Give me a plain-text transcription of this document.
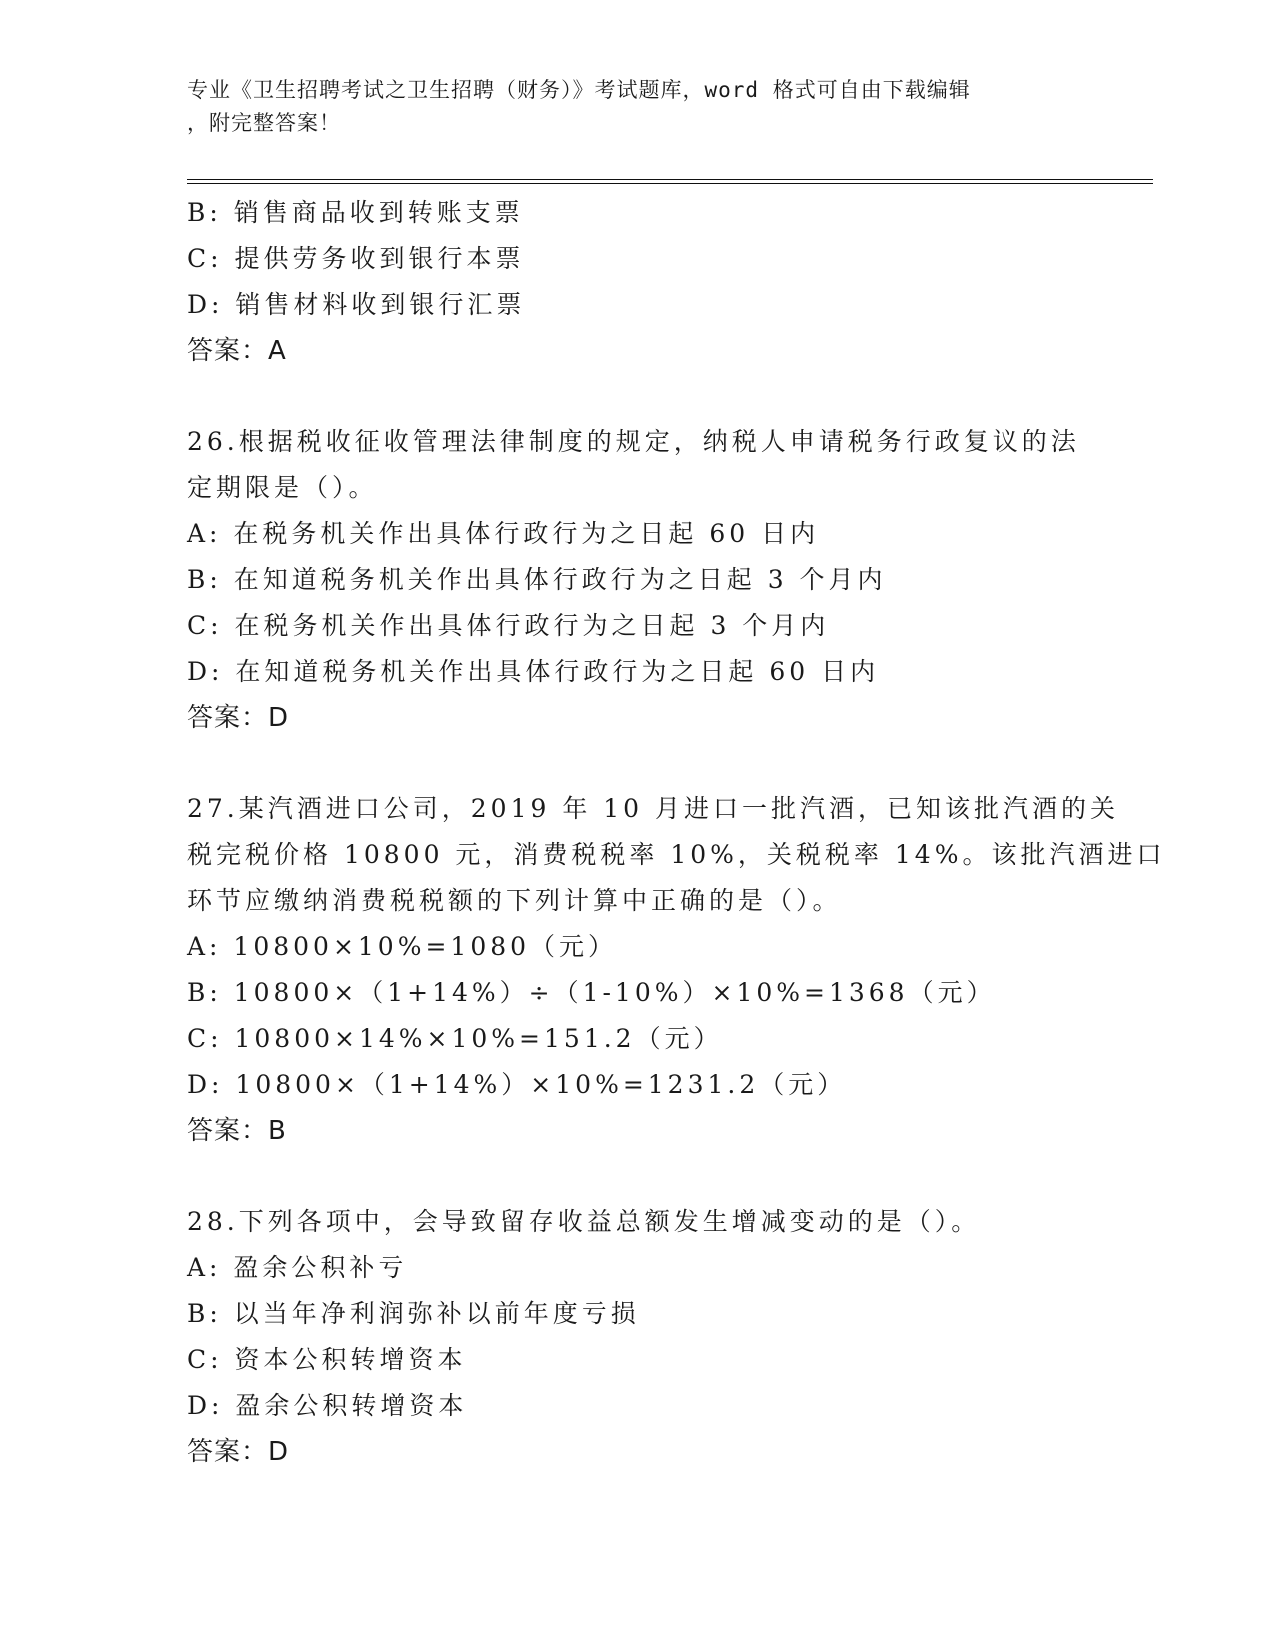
专业《卫生招聘考试之卫生招聘（财务）》考试题库，word 格式可自由下载编辑
，附完整答案！
B: 销售商品收到转账支票
C: 提供劳务收到银行本票
D: 销售材料收到银行汇票
答案：A
26.根据税收征收管理法律制度的规定，纳税人申请税务行政复议的法
定期限是（）。
A: 在税务机关作出具体行政行为之日起 60 日内
B: 在知道税务机关作出具体行政行为之日起 3 个月内
C: 在税务机关作出具体行政行为之日起 3 个月内
D: 在知道税务机关作出具体行政行为之日起 60 日内
答案：D
27.某汽酒进口公司，2019 年 10 月进口一批汽酒，已知该批汽酒的关
税完税价格 10800 元，消费税税率 10%，关税税率 14%。该批汽酒进口
环节应缴纳消费税税额的下列计算中正确的是（）。
A: 10800×10%=1080（元）
B: 10800×（1+14%）÷（1-10%）×10%=1368（元）
C: 10800×14%×10%=151.2（元）
D: 10800×（1+14%）×10%=1231.2（元）
答案：B
28.下列各项中，会导致留存收益总额发生增减变动的是（）。
A: 盈余公积补亏
B: 以当年净利润弥补以前年度亏损
C: 资本公积转增资本
D: 盈余公积转增资本
答案：D
